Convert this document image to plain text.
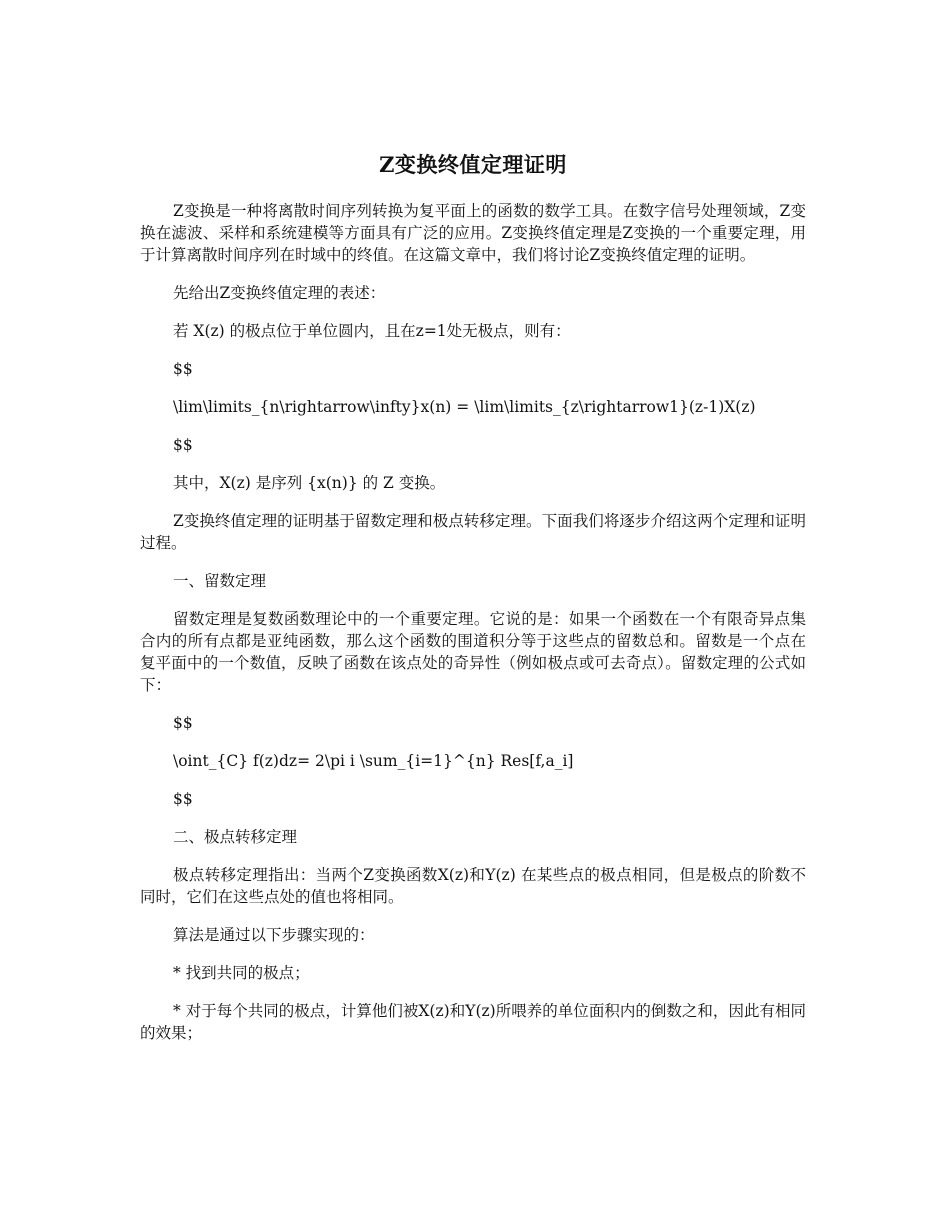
Z变换终值定理证明

Z变换是一种将离散时间序列转换为复平面上的函数的数学工具。在数字信号处理领域，Z变换在滤波、采样和系统建模等方面具有广泛的应用。Z变换终值定理是Z变换的一个重要定理，用于计算离散时间序列在时域中的终值。在这篇文章中，我们将讨论Z变换终值定理的证明。

先给出Z变换终值定理的表述：

若 X(z) 的极点位于单位圆内，且在z=1处无极点，则有：

$$

\lim\limits_{n\rightarrow\infty}x(n) = \lim\limits_{z\rightarrow1}(z-1)X(z)

$$

其中，X(z) 是序列 {x(n)} 的 Z 变换。

Z变换终值定理的证明基于留数定理和极点转移定理。下面我们将逐步介绍这两个定理和证明过程。

一、留数定理

留数定理是复数函数理论中的一个重要定理。它说的是：如果一个函数在一个有限奇异点集合内的所有点都是亚纯函数，那么这个函数的围道积分等于这些点的留数总和。留数是一个点在复平面中的一个数值，反映了函数在该点处的奇异性（例如极点或可去奇点）。留数定理的公式如下：

$$

\oint_{C} f(z)dz= 2\pi i \sum_{i=1}^{n} Res[f,a_i]

$$

二、极点转移定理

极点转移定理指出：当两个Z变换函数X(z)和Y(z) 在某些点的极点相同，但是极点的阶数不同时，它们在这些点处的值也将相同。

算法是通过以下步骤实现的：

* 找到共同的极点；

* 对于每个共同的极点，计算他们被X(z)和Y(z)所喂养的单位面积内的倒数之和，因此有相同的效果；
